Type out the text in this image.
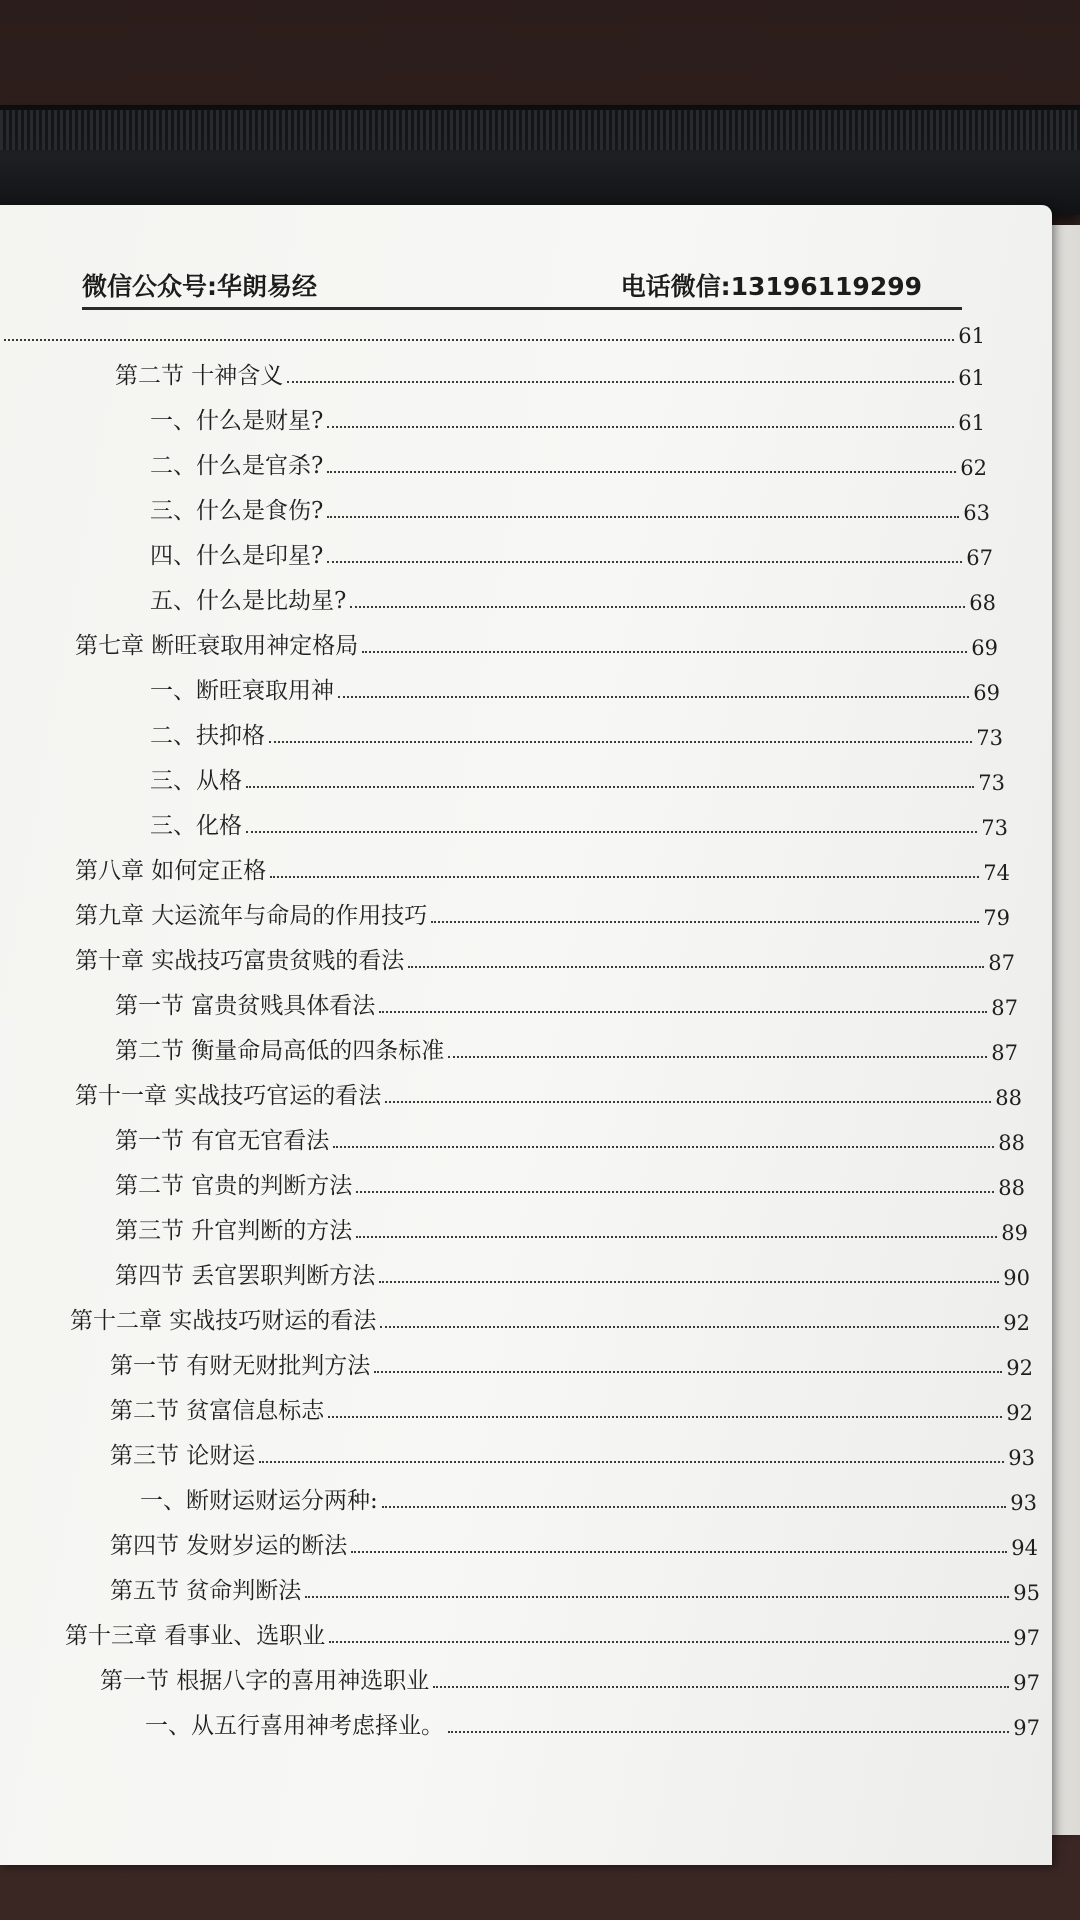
微信公众号:华朗易经	电话微信:13196119299
61
第二节 十神含义	61
一、什么是财星?	61
二、什么是官杀?	62
三、什么是食伤?	63
四、什么是印星?	67
五、什么是比劫星?	68
第七章 断旺衰取用神定格局	69
一、断旺衰取用神	69
二、扶抑格	73
三、从格	73
三、化格	73
第八章 如何定正格	74
第九章 大运流年与命局的作用技巧	79
第十章 实战技巧富贵贫贱的看法	87
第一节 富贵贫贱具体看法	87
第二节 衡量命局高低的四条标准	87
第十一章 实战技巧官运的看法	88
第一节 有官无官看法	88
第二节 官贵的判断方法	88
第三节 升官判断的方法	89
第四节 丢官罢职判断方法	90
第十二章 实战技巧财运的看法	92
第一节 有财无财批判方法	92
第二节 贫富信息标志	92
第三节 论财运	93
一、断财运财运分两种:	93
第四节 发财岁运的断法	94
第五节 贫命判断法	95
第十三章 看事业、选职业	97
第一节 根据八字的喜用神选职业	97
一、从五行喜用神考虑择业。	97
